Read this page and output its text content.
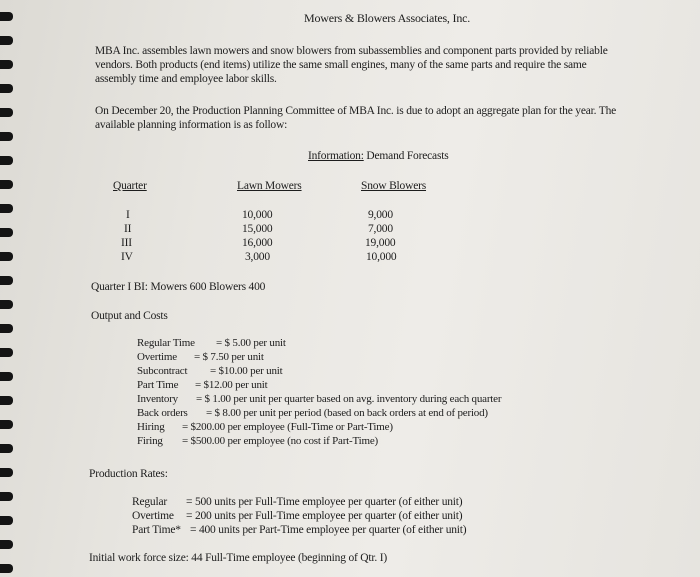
Mowers & Blowers Associates, Inc.
MBA Inc. assembles lawn mowers and snow blowers from subassemblies and component parts provided by reliable
vendors. Both products (end items) utilize the same small engines, many of the same parts and require the same
assembly time and employee labor skills.
On December 20, the Production Planning Committee of MBA Inc. is due to adopt an aggregate plan for the year. The
available planning information is as follow:
Information: Demand Forecasts
Quarter	Lawn Mowers	Snow Blowers
I	10,000	9,000
II	15,000	7,000
III	16,000	19,000
IV	3,000	10,000
Quarter I BI: Mowers 600 Blowers 400
Output and Costs
Regular Time = $ 5.00 per unit
Overtime = $ 7.50 per unit
Subcontract = $10.00 per unit
Part Time = $12.00 per unit
Inventory = $ 1.00 per unit per quarter based on avg. inventory during each quarter
Back orders = $ 8.00 per unit per period (based on back orders at end of period)
Hiring = $200.00 per employee (Full-Time or Part-Time)
Firing = $500.00 per employee (no cost if Part-Time)
Production Rates:
Regular = 500 units per Full-Time employee per quarter (of either unit)
Overtime = 200 units per Full-Time employee per quarter (of either unit)
Part Time* = 400 units per Part-Time employee per quarter (of either unit)
Initial work force size: 44 Full-Time employee (beginning of Qtr. I)
